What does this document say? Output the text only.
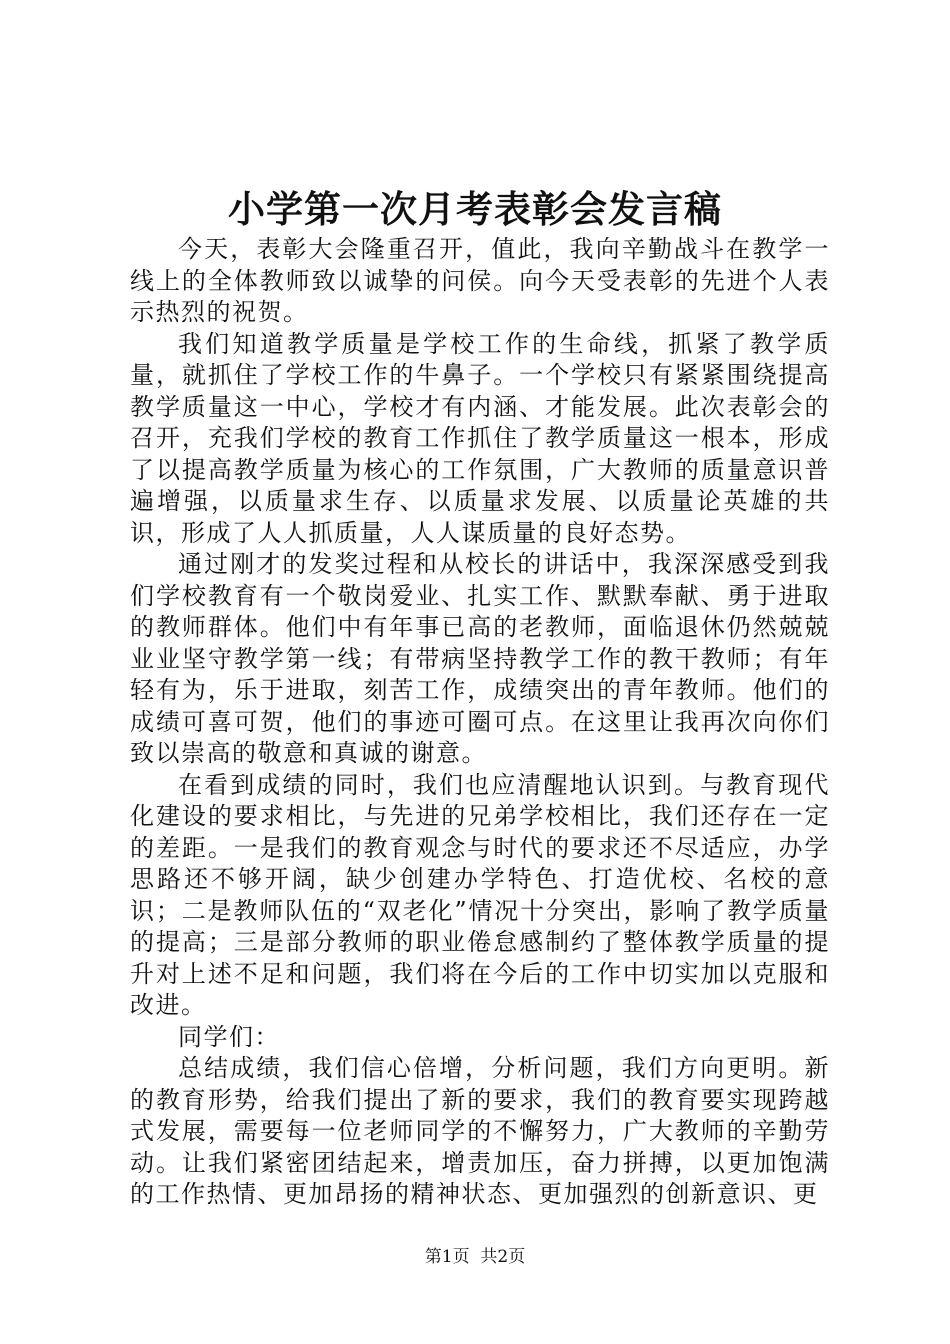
小学第一次月考表彰会发言稿

今天，表彰大会隆重召开，值此，我向辛勤战斗在教学一线上的全体教师致以诚挚的问侯。向今天受表彰的先进个人表示热烈的祝贺。

我们知道教学质量是学校工作的生命线，抓紧了教学质量，就抓住了学校工作的牛鼻子。一个学校只有紧紧围绕提高教学质量这一中心，学校才有内涵、才能发展。此次表彰会的召开，充我们学校的教育工作抓住了教学质量这一根本，形成了以提高教学质量为核心的工作氛围，广大教师的质量意识普遍增强，以质量求生存、以质量求发展、以质量论英雄的共识，形成了人人抓质量，人人谋质量的良好态势。

通过刚才的发奖过程和从校长的讲话中，我深深感受到我们学校教育有一个敬岗爱业、扎实工作、默默奉献、勇于进取的教师群体。他们中有年事已高的老教师，面临退休仍然兢兢业业坚守教学第一线；有带病坚持教学工作的教干教师；有年轻有为，乐于进取，刻苦工作，成绩突出的青年教师。他们的成绩可喜可贺，他们的事迹可圈可点。在这里让我再次向你们致以崇高的敬意和真诚的谢意。

在看到成绩的同时，我们也应清醒地认识到。与教育现代化建设的要求相比，与先进的兄弟学校相比，我们还存在一定的差距。一是我们的教育观念与时代的要求还不尽适应，办学思路还不够开阔，缺少创建办学特色、打造优校、名校的意识；二是教师队伍的“双老化”情况十分突出，影响了教学质量的提高；三是部分教师的职业倦怠感制约了整体教学质量的提升对上述不足和问题，我们将在今后的工作中切实加以克服和改进。

同学们：

总结成绩，我们信心倍增，分析问题，我们方向更明。新的教育形势，给我们提出了新的要求，我们的教育要实现跨越式发展，需要每一位老师同学的不懈努力，广大教师的辛勤劳动。让我们紧密团结起来，增责加压，奋力拼搏，以更加饱满的工作热情、更加昂扬的精神状态、更加强烈的创新意识、更

第1页 共2页
